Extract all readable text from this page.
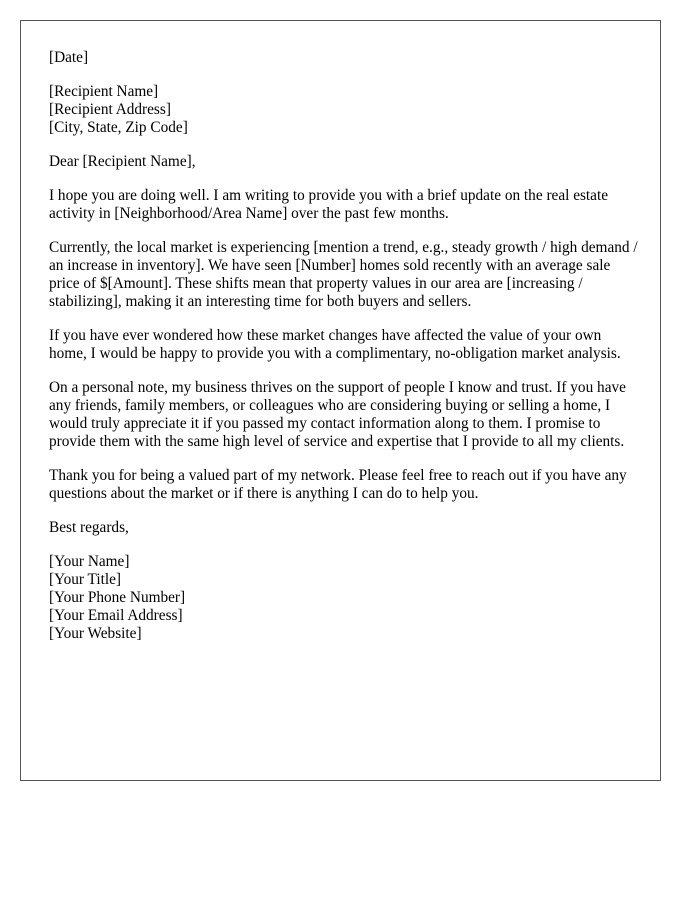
[Date]

[Recipient Name]
[Recipient Address]
[City, State, Zip Code]

Dear [Recipient Name],

I hope you are doing well. I am writing to provide you with a brief update on the real estate activity in [Neighborhood/Area Name] over the past few months.

Currently, the local market is experiencing [mention a trend, e.g., steady growth / high demand / an increase in inventory]. We have seen [Number] homes sold recently with an average sale price of $[Amount]. These shifts mean that property values in our area are [increasing / stabilizing], making it an interesting time for both buyers and sellers.

If you have ever wondered how these market changes have affected the value of your own home, I would be happy to provide you with a complimentary, no-obligation market analysis.

On a personal note, my business thrives on the support of people I know and trust. If you have any friends, family members, or colleagues who are considering buying or selling a home, I would truly appreciate it if you passed my contact information along to them. I promise to provide them with the same high level of service and expertise that I provide to all my clients.

Thank you for being a valued part of my network. Please feel free to reach out if you have any questions about the market or if there is anything I can do to help you.

Best regards,

[Your Name]
[Your Title]
[Your Phone Number]
[Your Email Address]
[Your Website]
